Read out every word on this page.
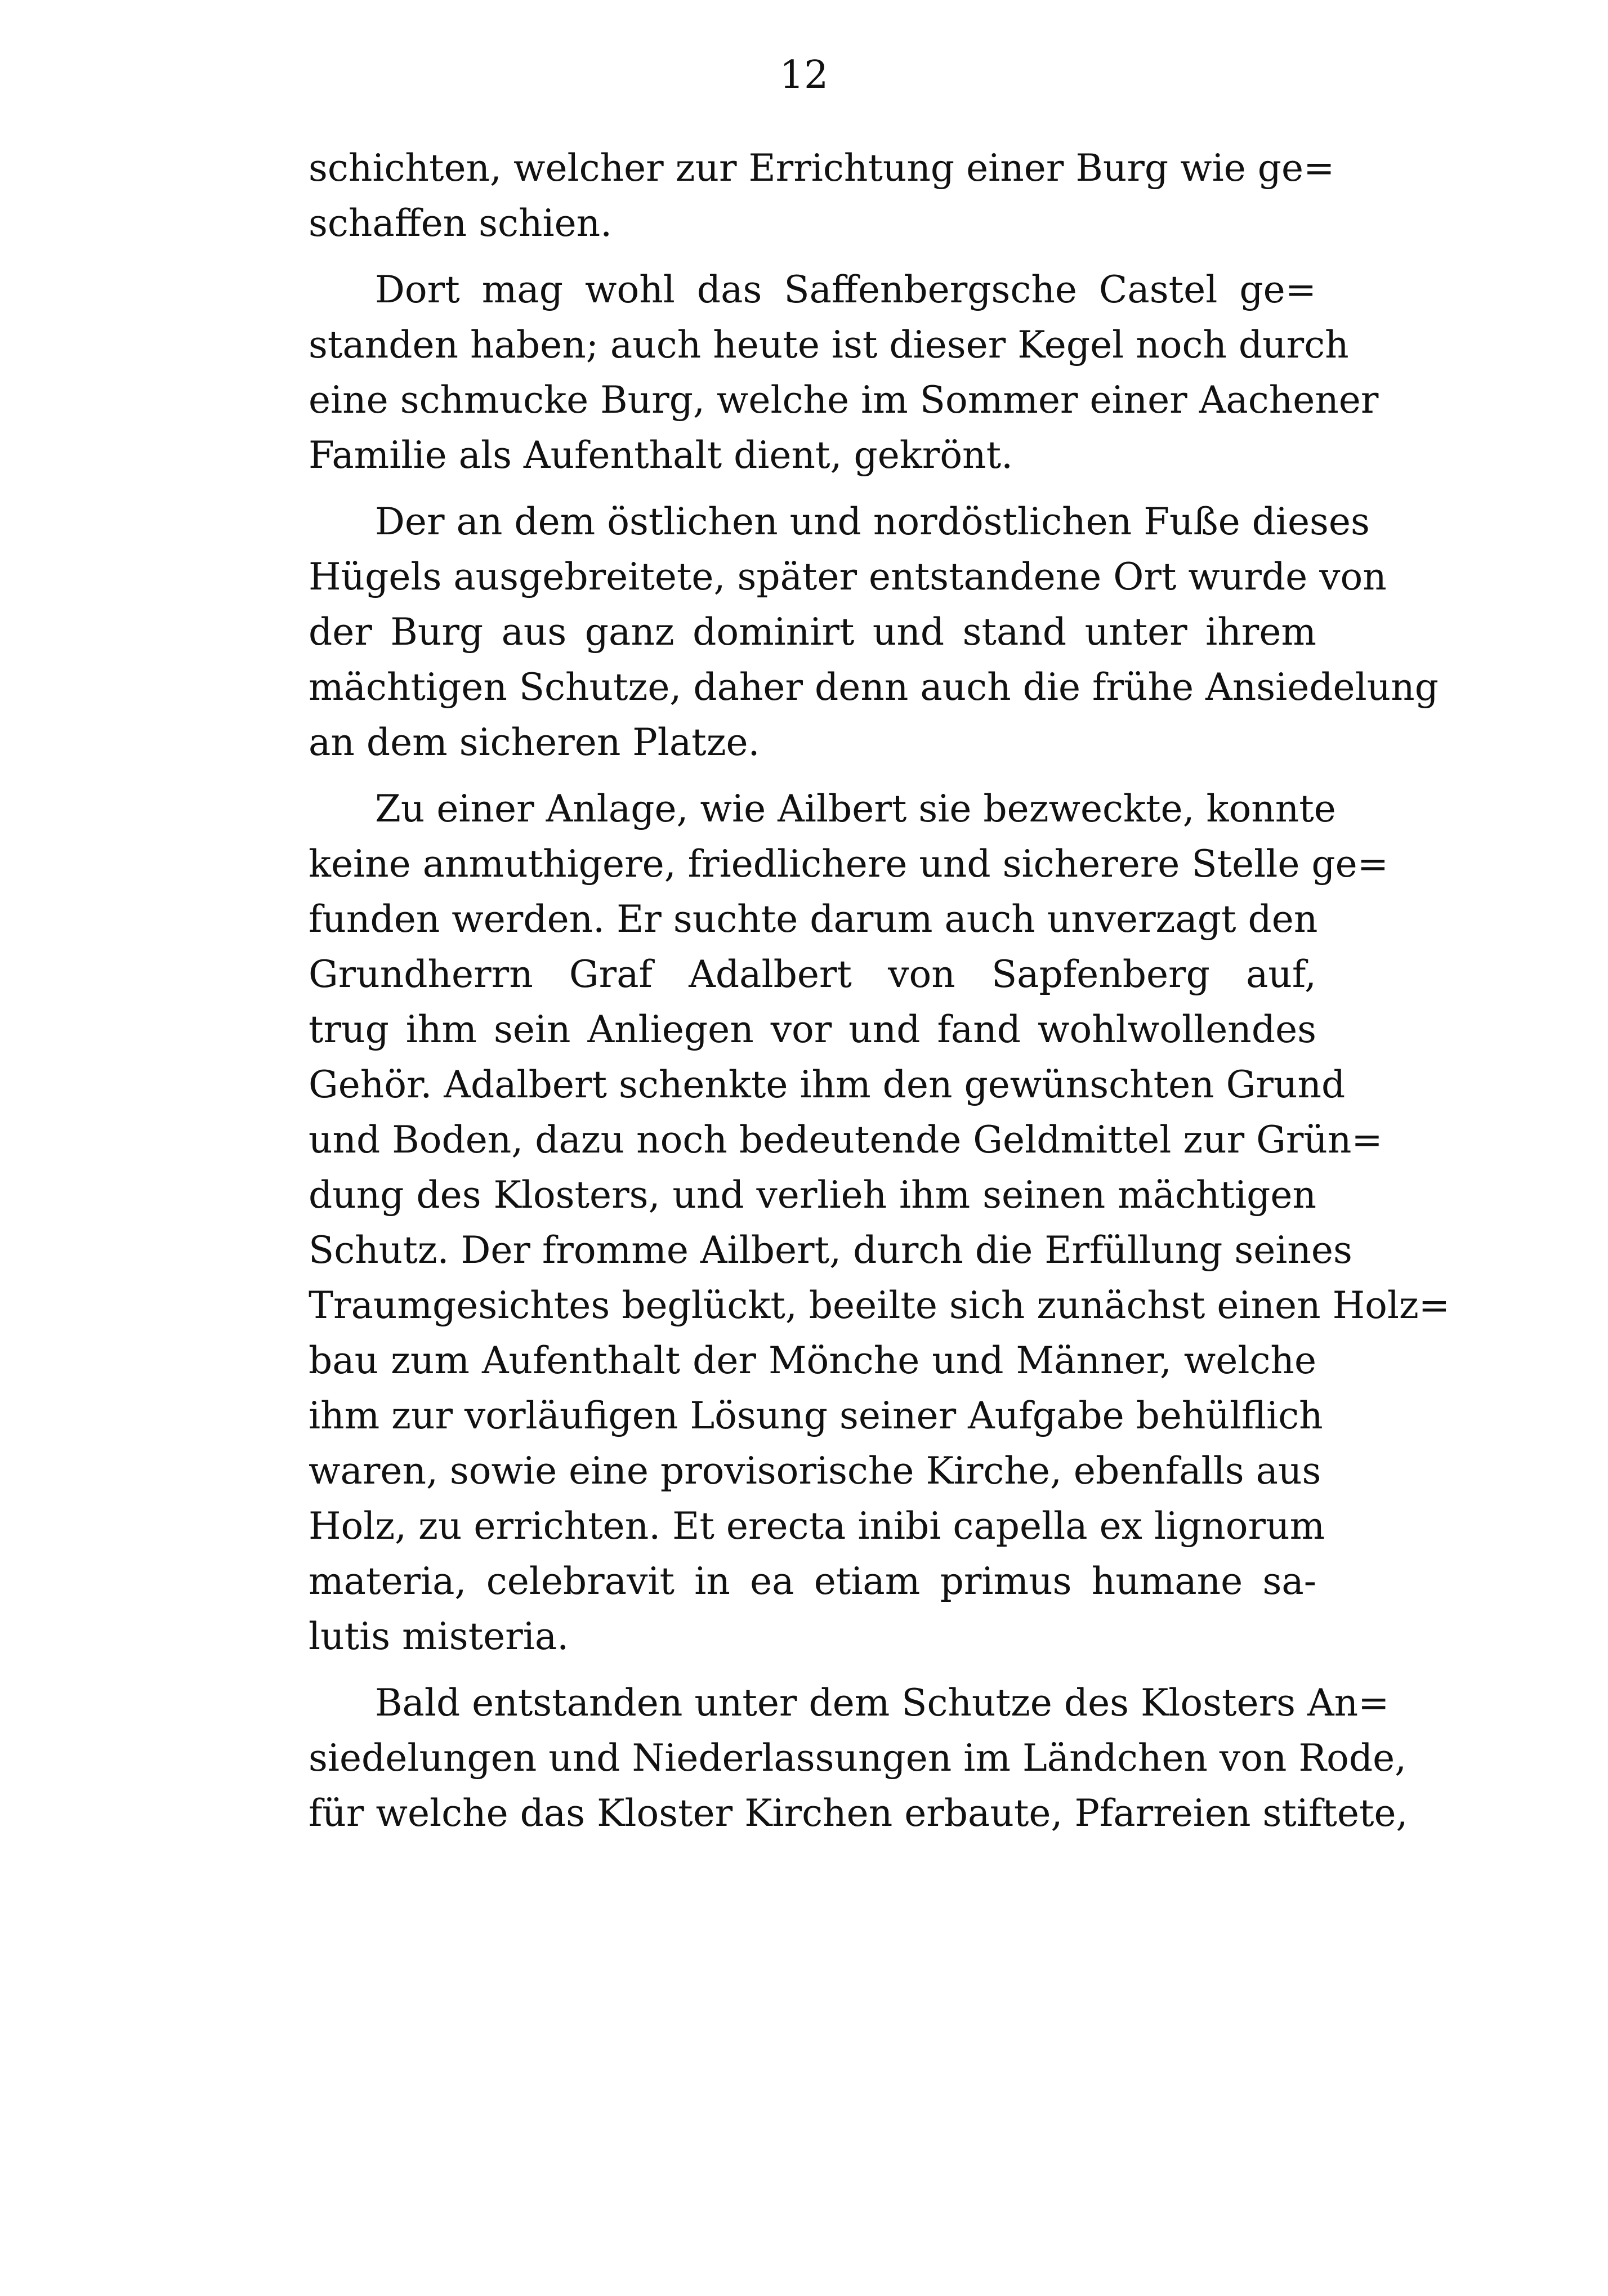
12
schichten, welcher zur Errichtung einer Burg wie ge=
schaffen schien.
Dort mag wohl das Saffenbergsche Castel ge=
standen haben; auch heute ist dieser Kegel noch durch
eine schmucke Burg, welche im Sommer einer Aachener
Familie als Aufenthalt dient, gekrönt.
Der an dem östlichen und nordöstlichen Fuße dieses
Hügels ausgebreitete, später entstandene Ort wurde von
der Burg aus ganz dominirt und stand unter ihrem
mächtigen Schutze, daher denn auch die frühe Ansiedelung
an dem sicheren Platze.
Zu einer Anlage, wie Ailbert sie bezweckte, konnte
keine anmuthigere, friedlichere und sicherere Stelle ge=
funden werden. Er suchte darum auch unverzagt den
Grundherrn Graf Adalbert von Sapfenberg auf,
trug ihm sein Anliegen vor und fand wohlwollendes
Gehör. Adalbert schenkte ihm den gewünschten Grund
und Boden, dazu noch bedeutende Geldmittel zur Grün=
dung des Klosters, und verlieh ihm seinen mächtigen
Schutz. Der fromme Ailbert, durch die Erfüllung seines
Traumgesichtes beglückt, beeilte sich zunächst einen Holz=
bau zum Aufenthalt der Mönche und Männer, welche
ihm zur vorläufigen Lösung seiner Aufgabe behülflich
waren, sowie eine provisorische Kirche, ebenfalls aus
Holz, zu errichten. Et erecta inibi capella ex lignorum
materia, celebravit in ea etiam primus humane sa-
lutis misteria.
Bald entstanden unter dem Schutze des Klosters An=
siedelungen und Niederlassungen im Ländchen von Rode,
für welche das Kloster Kirchen erbaute, Pfarreien stiftete,
